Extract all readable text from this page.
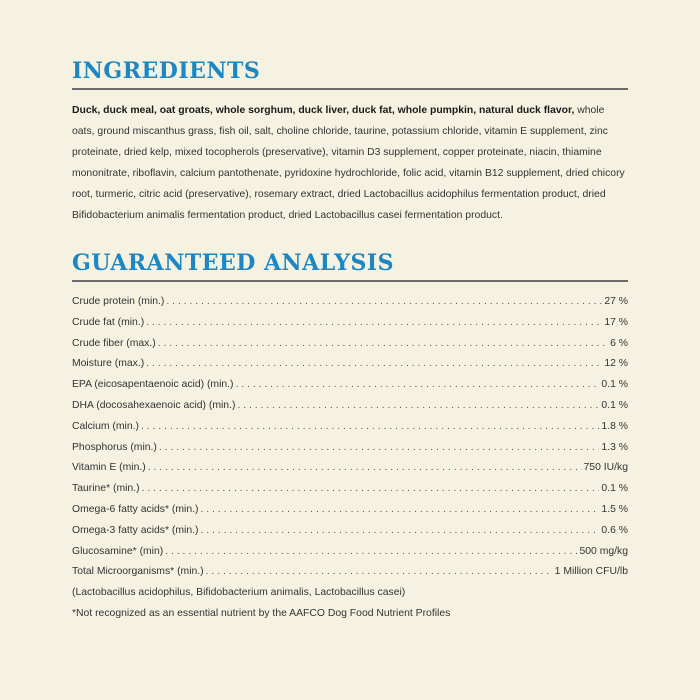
INGREDIENTS

Duck, duck meal, oat groats, whole sorghum, duck liver, duck fat, whole pumpkin, natural duck flavor, whole oats, ground miscanthus grass, fish oil, salt, choline chloride, taurine, potassium chloride, vitamin E supplement, zinc proteinate, dried kelp, mixed tocopherols (preservative), vitamin D3 supplement, copper proteinate, niacin, thiamine mononitrate, riboflavin, calcium pantothenate, pyridoxine hydrochloride, folic acid, vitamin B12 supplement, dried chicory root, turmeric, citric acid (preservative), rosemary extract, dried Lactobacillus acidophilus fermentation product, dried Bifidobacterium animalis fermentation product, dried Lactobacillus casei fermentation product.

GUARANTEED ANALYSIS
Crude protein (min.) . . .	27 %
Crude fat (min.) . . .	17 %
Crude fiber (max.) . . .	6 %
Moisture (max.) . . .	12 %
EPA (eicosapentaenoic acid) (min.) . . .	0.1 %
DHA (docosahexaenoic acid) (min.) . . .	0.1 %
Calcium (min.) . . .	1.8 %
Phosphorus (min.) . . .	1.3 %
Vitamin E (min.) . . .	750 IU/kg
Taurine* (min.) . . .	0.1 %
Omega-6 fatty acids* (min.) . . .	1.5 %
Omega-3 fatty acids* (min.) . . .	0.6 %
Glucosamine* (min) . . .	500 mg/kg
Total Microorganisms* (min.) . . .	1 Million CFU/lb
(Lactobacillus acidophilus, Bifidobacterium animalis, Lactobacillus casei)
*Not recognized as an essential nutrient by the AAFCO Dog Food Nutrient Profiles
